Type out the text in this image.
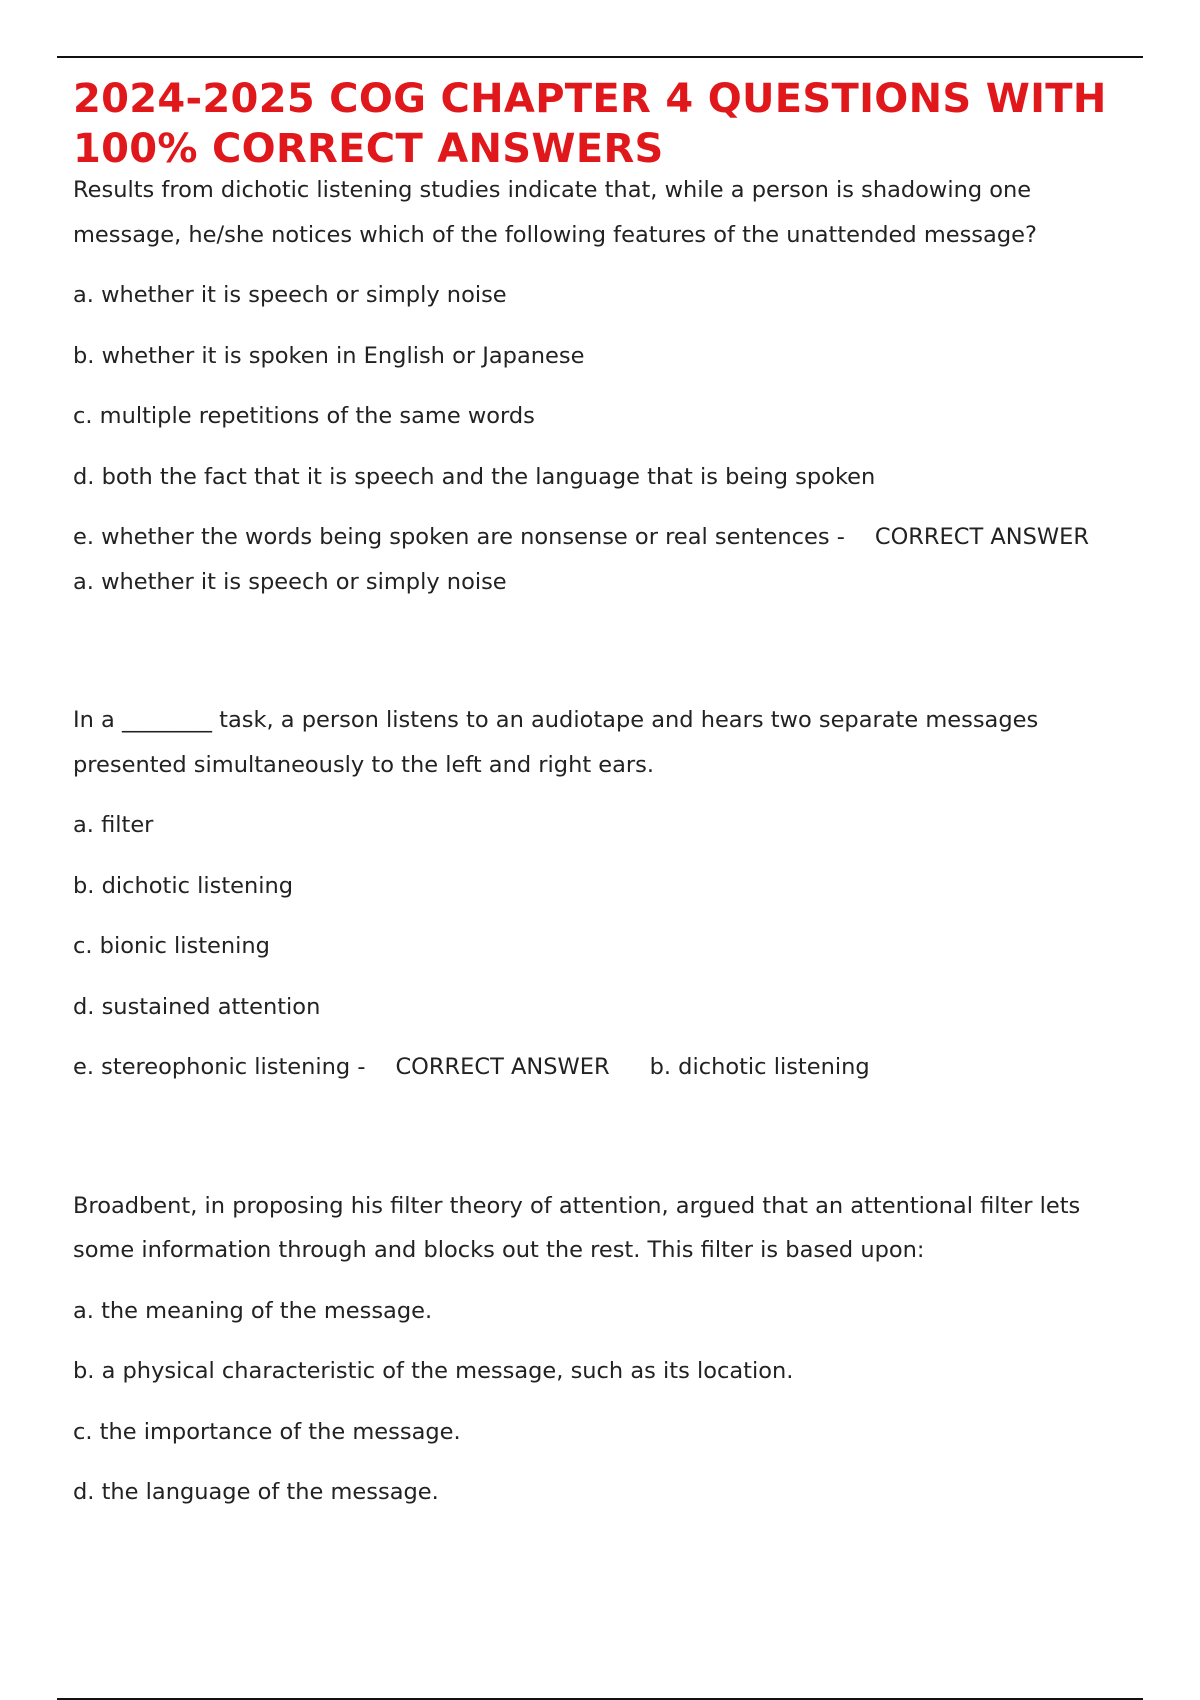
2024-2025 COG CHAPTER 4 QUESTIONS WITH 100% CORRECT ANSWERS

Results from dichotic listening studies indicate that, while a person is shadowing one message, he/she notices which of the following features of the unattended message?

a. whether it is speech or simply noise

b. whether it is spoken in English or Japanese

c. multiple repetitions of the same words

d. both the fact that it is speech and the language that is being spoken

e. whether the words being spoken are nonsense or real sentences - CORRECT ANSWERa. whether it is speech or simply noise

In a ________ task, a person listens to an audiotape and hears two separate messages presented simultaneously to the left and right ears.

a. filter

b. dichotic listening

c. bionic listening

d. sustained attention

e. stereophonic listening - CORRECT ANSWER b. dichotic listening

Broadbent, in proposing his filter theory of attention, argued that an attentional filter lets some information through and blocks out the rest. This filter is based upon:

a. the meaning of the message.

b. a physical characteristic of the message, such as its location.

c. the importance of the message.

d. the language of the message.
